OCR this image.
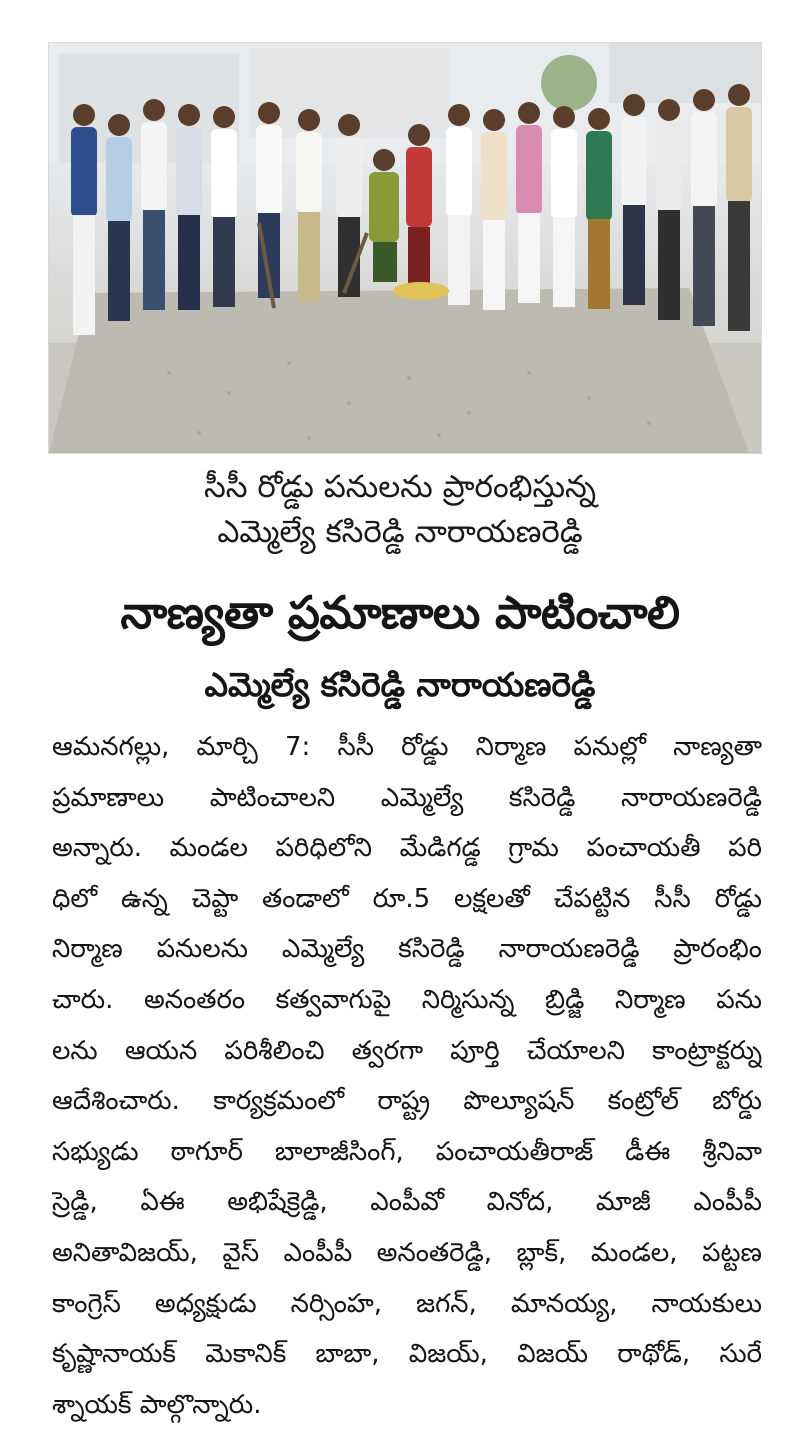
సీసీ రోడ్డు పనులను ప్రారంభిస్తున్న
ఎమ్మెల్యే కసిరెడ్డి నారాయణరెడ్డి
నాణ్యతా ప్రమాణాలు పాటించాలి
ఎమ్మెల్యే కసిరెడ్డి నారాయణరెడ్డి
ఆమనగల్లు, మార్చి 7: సీసీ రోడ్డు నిర్మాణ పనుల్లో నాణ్యతా
ప్రమాణాలు పాటించాలని ఎమ్మెల్యే కసిరెడ్డి నారాయణరెడ్డి
అన్నారు. మండల పరిధిలోని మేడిగడ్డ గ్రామ పంచాయతీ పరి
ధిలో ఉన్న చెప్టా తండాలో రూ.5 లక్షలతో చేపట్టిన సీసీ రోడ్డు
నిర్మాణ పనులను ఎమ్మెల్యే కసిరెడ్డి నారాయణరెడ్డి ప్రారంభిం
చారు. అనంతరం కత్వవాగుపై నిర్మిసున్న బ్రిడ్జి నిర్మాణ పను
లను ఆయన పరిశీలించి త్వరగా పూర్తి చేయాలని కాంట్రాక్టర్ను
ఆదేశించారు. కార్యక్రమంలో రాష్ట్ర పొల్యూషన్ కంట్రోల్ బోర్డు
సభ్యుడు ఠాగూర్ బాలాజీసింగ్, పంచాయతీరాజ్ డీఈ శ్రీనివా
స్రెడ్డి, ఏఈ అభిషేక్రెడ్డి, ఎంపీవో వినోద, మాజీ ఎంపీపీ
అనితావిజయ్, వైస్ ఎంపీపీ అనంతరెడ్డి, బ్లాక్, మండల, పట్టణ
కాంగ్రెస్ అధ్యక్షుడు నర్సింహ, జగన్, మానయ్య, నాయకులు
కృష్ణానాయక్ మెకానిక్ బాబా, విజయ్, విజయ్ రాథోడ్, సురే
శ్నాయక్ పాల్గొన్నారు.
